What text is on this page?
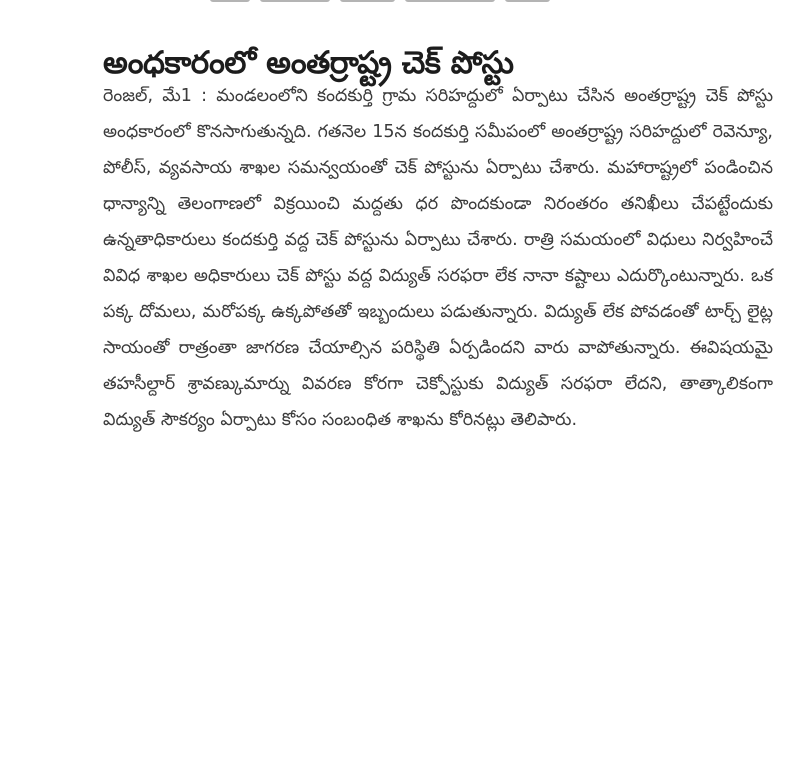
అంధకారంలో అంతర్రాష్ట్ర చెక్ పోస్టు

రెంజల్, మే1 : మండలంలోని కందకుర్తి గ్రామ సరిహద్దులో ఏర్పాటు చేసిన అంతర్రాష్ట్ర చెక్ పోస్టు అంధకారంలో కొనసాగుతున్నది. గతనెల 15న కందకుర్తి సమీపంలో అంతర్రాష్ట్ర సరిహద్దులో రెవెన్యూ, పోలీస్, వ్యవసాయ శాఖల సమన్వయంతో చెక్ పోస్టును ఏర్పాటు చేశారు. మహారాష్ట్రలో పండించిన ధాన్యాన్ని తెలంగాణలో విక్రయించి మద్దతు ధర పొందకుండా నిరంతరం తనిఖీలు చేపట్టేందుకు ఉన్నతాధికారులు కందకుర్తి వద్ద చెక్ పోస్టును ఏర్పాటు చేశారు. రాత్రి సమయంలో విధులు నిర్వహించే వివిధ శాఖల అధికారులు చెక్ పోస్టు వద్ద విద్యుత్ సరఫరా లేక నానా కష్టాలు ఎదుర్కొంటున్నారు. ఒక పక్క దోమలు, మరోపక్క ఉక్కపోతతో ఇబ్బందులు పడుతున్నారు. విద్యుత్ లేక పోవడంతో టార్చ్ లైట్ల సాయంతో రాత్రంతా జాగరణ చేయాల్సిన పరిస్థితి ఏర్పడిందని వారు వాపోతున్నారు. ఈవిషయమై తహసీల్దార్ శ్రావణ్కుమార్ను వివరణ కోరగా చెక్పోస్టుకు విద్యుత్ సరఫరా లేదని, తాత్కాలికంగా విద్యుత్ సౌకర్యం ఏర్పాటు కోసం సంబంధిత శాఖను కోరినట్లు తెలిపారు.
